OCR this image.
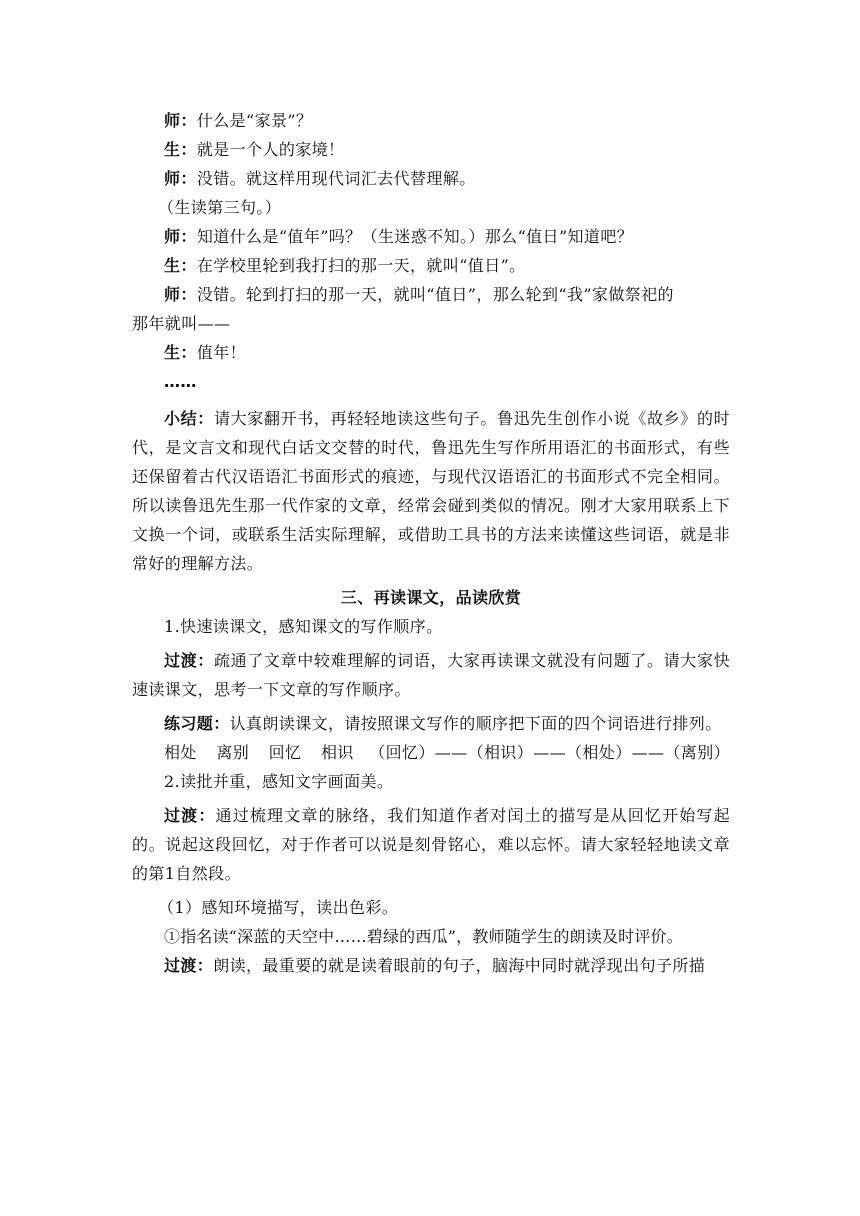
师：什么是“家景”？
生：就是一个人的家境！
师：没错。就这样用现代词汇去代替理解。
（生读第三句。）
师：知道什么是“值年”吗？（生迷惑不知。）那么“值日”知道吧？
生：在学校里轮到我打扫的那一天，就叫“值日”。
师：没错。轮到打扫的那一天，就叫“值日”，那么轮到“我”家做祭祀的
那年就叫——
生：值年！
……
小结：请大家翻开书，再轻轻地读这些句子。鲁迅先生创作小说《故乡》的时代，是文言文和现代白话文交替的时代，鲁迅先生写作所用语汇的书面形式，有些还保留着古代汉语语汇书面形式的痕迹，与现代汉语语汇的书面形式不完全相同。所以读鲁迅先生那一代作家的文章，经常会碰到类似的情况。刚才大家用联系上下文换一个词，或联系生活实际理解，或借助工具书的方法来读懂这些词语，就是非常好的理解方法。
三、再读课文，品读欣赏
1.快速读课文，感知课文的写作顺序。
过渡：疏通了文章中较难理解的词语，大家再读课文就没有问题了。请大家快速读课文，思考一下文章的写作顺序。
练习题：认真朗读课文，请按照课文写作的顺序把下面的四个词语进行排列。
相处 离别 回忆 相识 （回忆）——（相识）——（相处）——（离别）
2.读批并重，感知文字画面美。
过渡：通过梳理文章的脉络，我们知道作者对闰土的描写是从回忆开始写起的。说起这段回忆，对于作者可以说是刻骨铭心，难以忘怀。请大家轻轻地读文章的第1自然段。
（1）感知环境描写，读出色彩。
①指名读“深蓝的天空中……碧绿的西瓜”，教师随学生的朗读及时评价。
过渡：朗读，最重要的就是读着眼前的句子，脑海中同时就浮现出句子所描
